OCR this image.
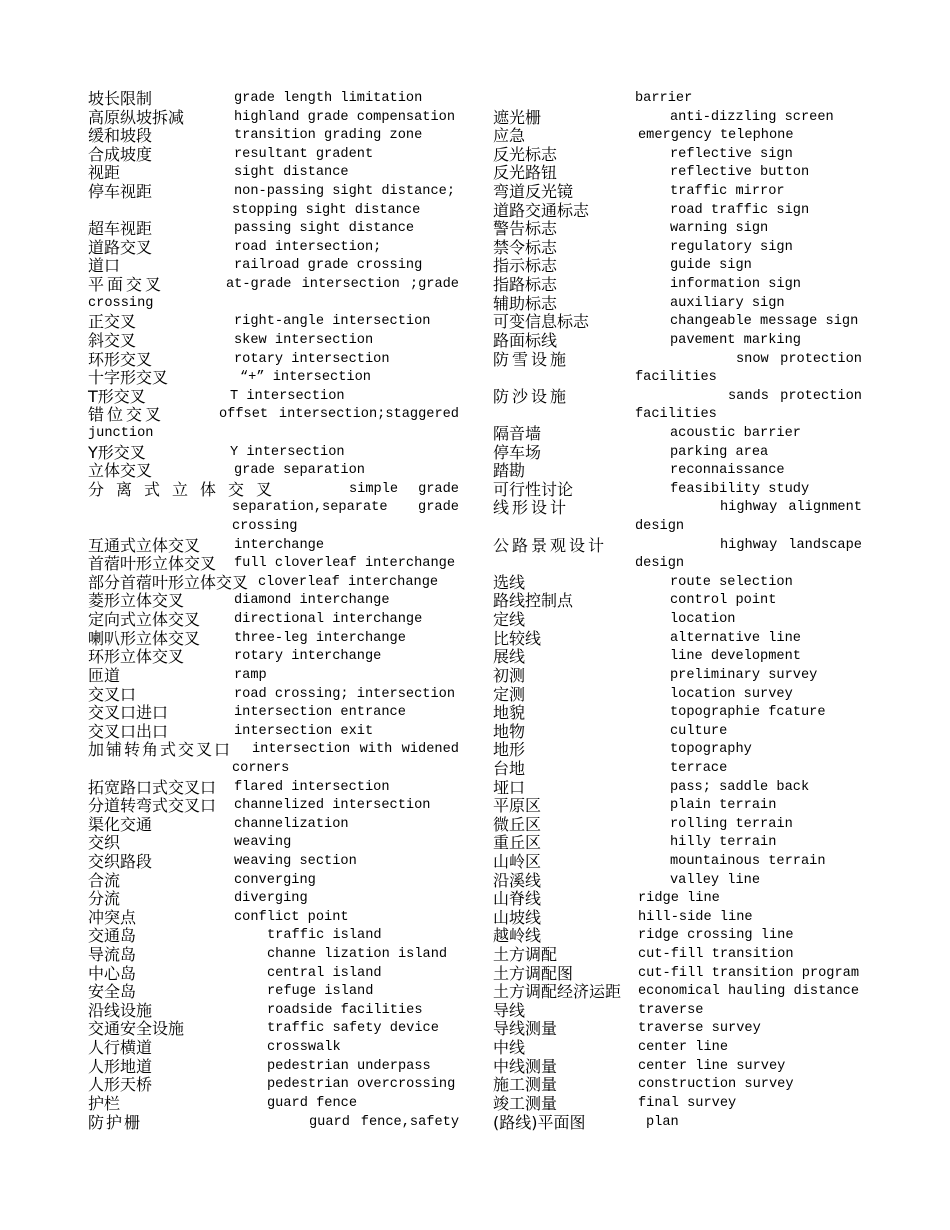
坡长限制	grade length limitation
高原纵坡拆减	highland grade compensation
缓和坡段	transition grading zone
合成坡度	resultant gradent
视距	sight distance
停车视距	non-passing sight distance;
stopping sight distance
超车视距	passing sight distance
道路交叉	road intersection;
道口	railroad grade crossing
平面交叉	at-grade intersection ;grade
crossing
正交叉	right-angle intersection
斜交叉	skew intersection
环形交叉	rotary intersection
十字形交叉	“+” intersection
T形交叉	T intersection
错位交叉	offset intersection;staggered
junction
Y形交叉	Y intersection
立体交叉	grade separation
分离式立体交叉	simple grade
separation,separate grade
crossing
互通式立体交叉 interchange
首蓿叶形立体交叉 full cloverleaf interchange
部分首蓿叶形立体交叉 cloverleaf interchange
菱形立体交叉	diamond interchange
定向式立体交叉 directional interchange
喇叭形立体交叉 three-leg interchange
环形立体交叉	rotary interchange
匝道	ramp
交叉口	road crossing; intersection
交叉口进口	intersection entrance
交叉口出口	intersection exit
加铺转角式交叉口 intersection with widened
corners
拓宽路口式交叉口 flared intersection
分道转弯式交叉口 channelized intersection
渠化交通	channelization
交织	weaving
交织路段	weaving section
合流	converging
分流	diverging
冲突点	conflict point
交通岛	traffic island
导流岛	channe lization island
中心岛	central island
安全岛	refuge island
沿线设施	roadside facilities
交通安全设施	traffic safety device
人行横道	crosswalk
人形地道	pedestrian underpass
人形天桥	pedestrian overcrossing
护栏	guard fence
防护栅	guard fence,safety
barrier
遮光栅	anti-dizzling screen
应急	emergency telephone
反光标志	reflective sign
反光路钮	reflective button
弯道反光镜	traffic mirror
道路交通标志	road traffic sign
警告标志	warning sign
禁令标志	regulatory sign
指示标志	guide sign
指路标志	information sign
辅助标志	auxiliary sign
可变信息标志	changeable message sign
路面标线	pavement marking
防雪设施	snow protection
facilities
防沙设施	sands protection
facilities
隔音墙	acoustic barrier
停车场	parking area
踏勘	reconnaissance
可行性讨论	feasibility study
线形设计	highway alignment
design
公路景观设计	highway landscape
design
选线	route selection
路线控制点	control point
定线	location
比较线	alternative line
展线	line development
初测	preliminary survey
定测	location survey
地貌	topographie fcature
地物	culture
地形	topography
台地	terrace
垭口	pass; saddle back
平原区	plain terrain
微丘区	rolling terrain
重丘区	hilly terrain
山岭区	mountainous terrain
沿溪线	valley line
山脊线	ridge line
山坡线	hill-side line
越岭线	ridge crossing line
土方调配	cut-fill transition
土方调配图	cut-fill transition program
土方调配经济运距 economical hauling distance
导线	traverse
导线测量	traverse survey
中线	center line
中线测量	center line survey
施工测量	construction survey
竣工测量	final survey
(路线)平面图	plan
